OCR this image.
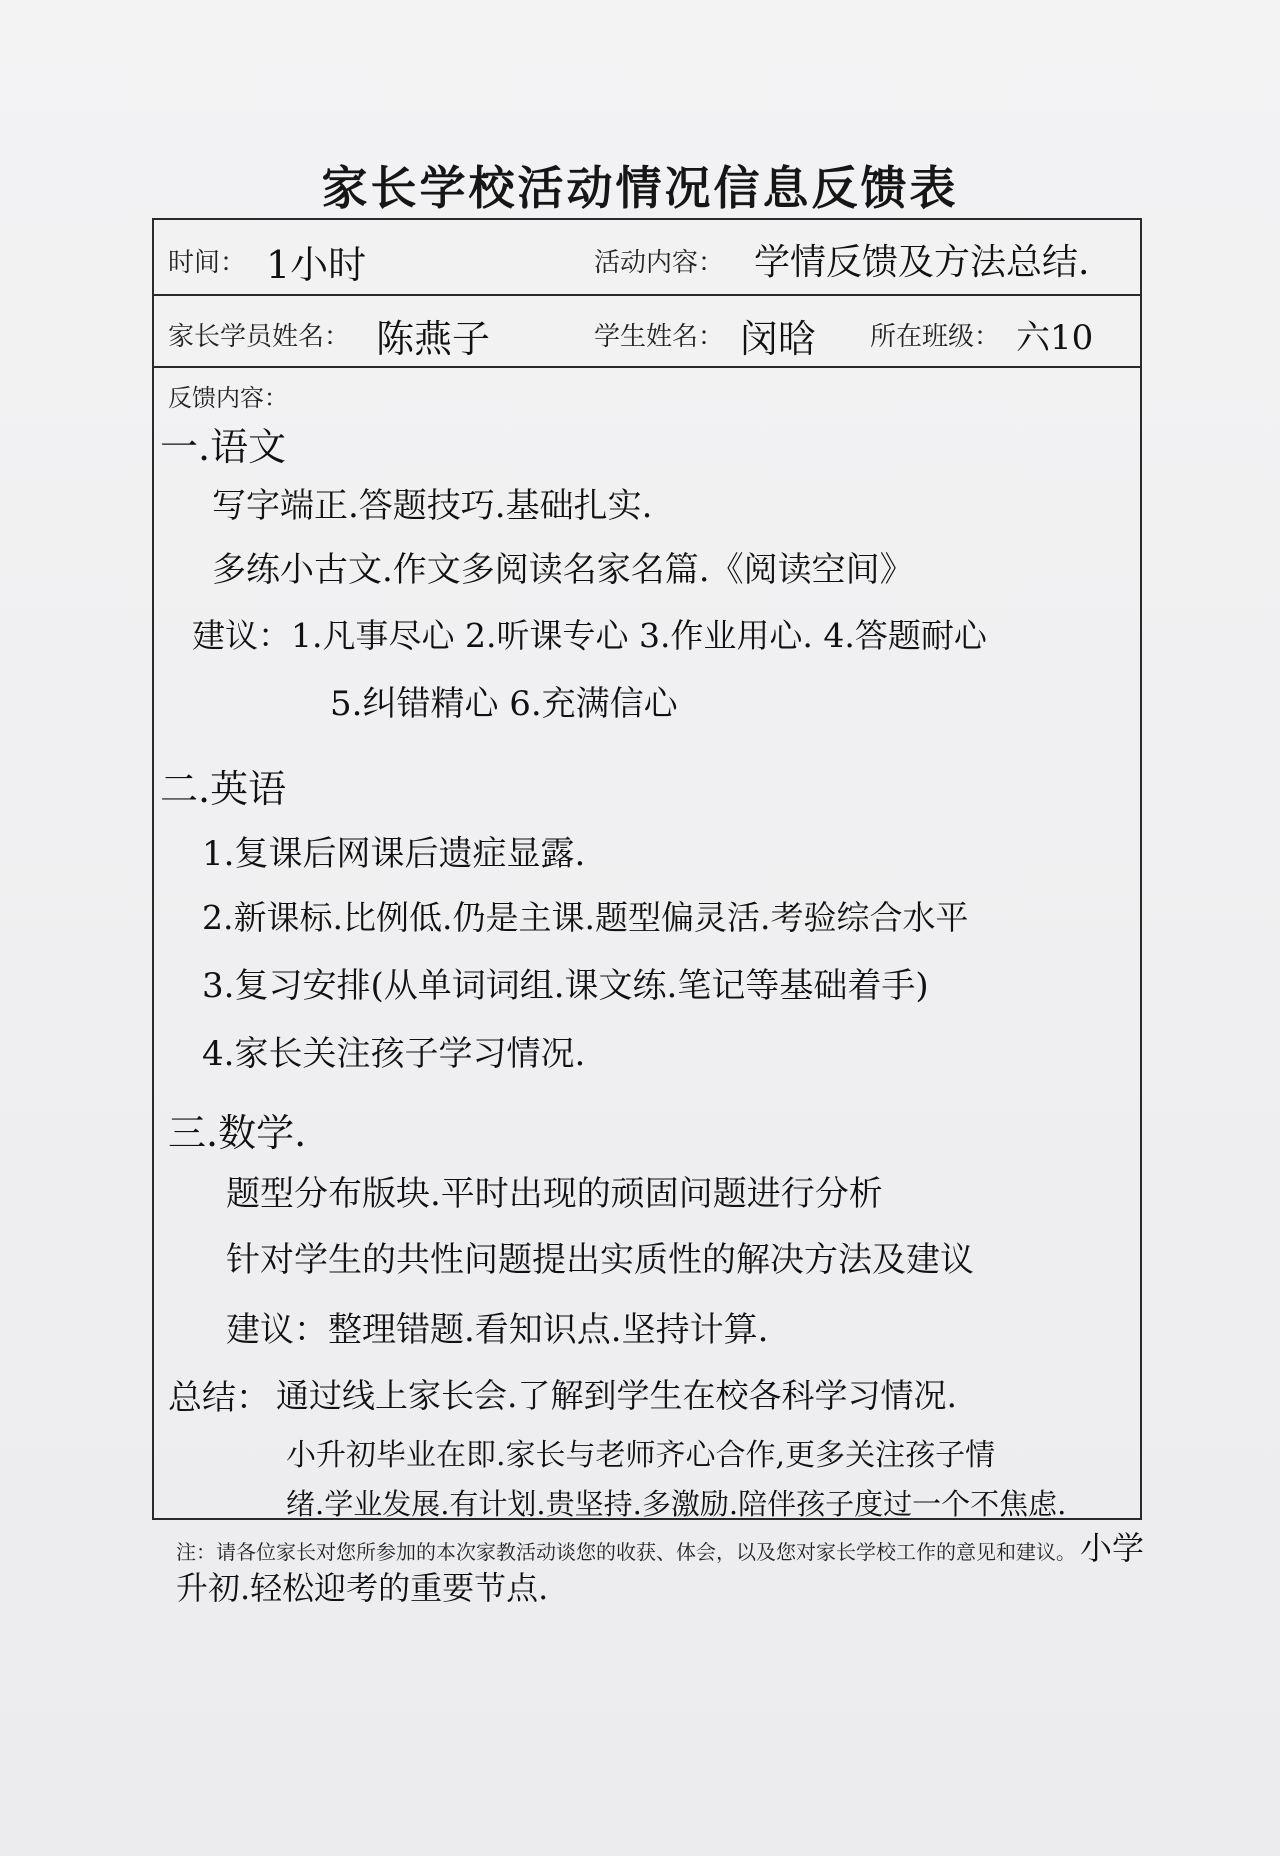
家长学校活动情况信息反馈表
时间： 1小时	活动内容： 学情反馈及方法总结.
家长学员姓名： 陈燕子	学生姓名： 闵晗 所在班级： 六10
反馈内容：
一.语文
写字端正.答题技巧.基础扎实.
多练小古文.作文多阅读名家名篇.《阅读空间》
建议：1.凡事尽心 2.听课专心 3.作业用心. 4.答题耐心
5.纠错精心 6.充满信心
二.英语
1.复课后网课后遗症显露.
2.新课标.比例低.仍是主课.题型偏灵活.考验综合水平
3.复习安排(从单词词组.课文练.笔记等基础着手)
4.家长关注孩子学习情况.
三.数学.
题型分布版块.平时出现的顽固问题进行分析
针对学生的共性问题提出实质性的解决方法及建议
建议：整理错题.看知识点.坚持计算.
总结： 通过线上家长会.了解到学生在校各科学习情况.
小升初毕业在即.家长与老师齐心合作,更多关注孩子情
绪.学业发展.有计划.贵坚持.多激励.陪伴孩子度过一个不焦虑.
注：请各位家长对您所参加的本次家教活动谈您的收获、体会，以及您对家长学校工作的意见和建议。 小学升初.轻松迎考的重要节点.
